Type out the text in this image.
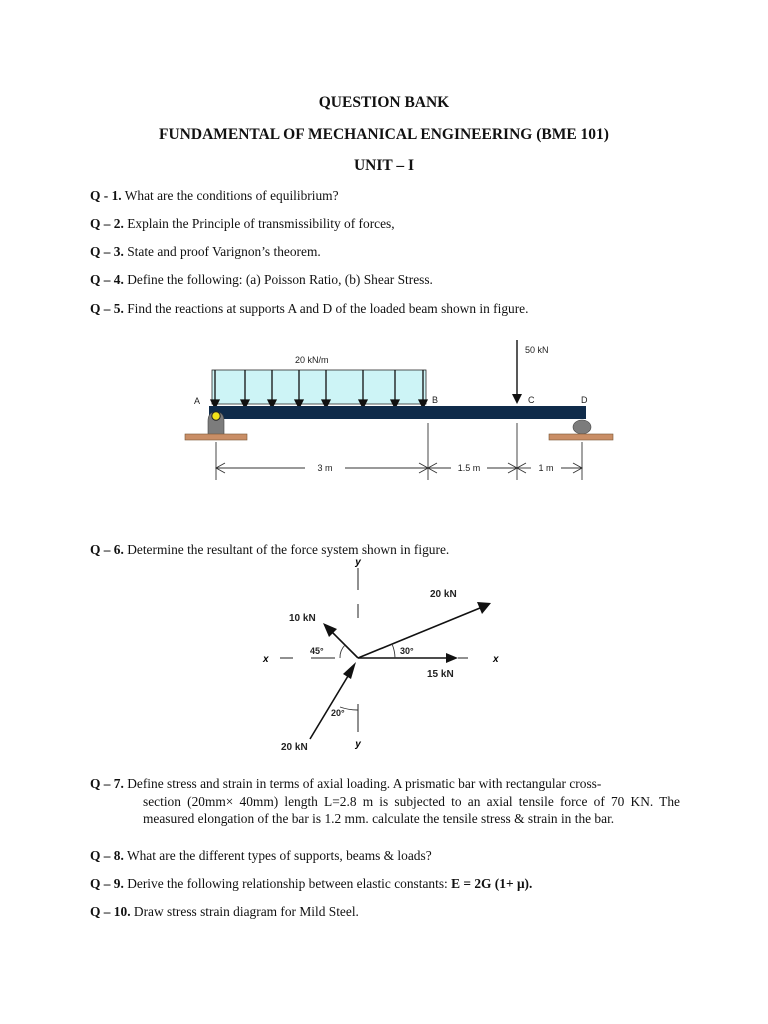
QUESTION BANK
FUNDAMENTAL OF MECHANICAL ENGINEERING (BME 101)
UNIT – I

Q - 1. What are the conditions of equilibrium?

Q – 2. Explain the Principle of transmissibility of forces,

Q – 3. State and proof Varignon’s theorem.

Q – 4. Define the following: (a) Poisson Ratio, (b) Shear Stress.

Q – 5. Find the reactions at supports A and D of the loaded beam shown in figure.

20 kN/m
50 kN
A	B	C	D
3 m	1.5 m	1 m

Q – 6. Determine the resultant of the force system shown in figure.

y
y
x	x
10 kN
20 kN
15 kN
20 kN
45°	30°
20°

Q – 7. Define stress and strain in terms of axial loading. A prismatic bar with rectangular cross-
section (20mm× 40mm) length L=2.8 m is subjected to an axial tensile force of 70 KN. The measured elongation of the bar is 1.2 mm. calculate the tensile stress & strain in the bar.

Q – 8. What are the different types of supports, beams & loads?

Q – 9. Derive the following relationship between elastic constants: E = 2G (1+ μ).

Q – 10. Draw stress strain diagram for Mild Steel.
